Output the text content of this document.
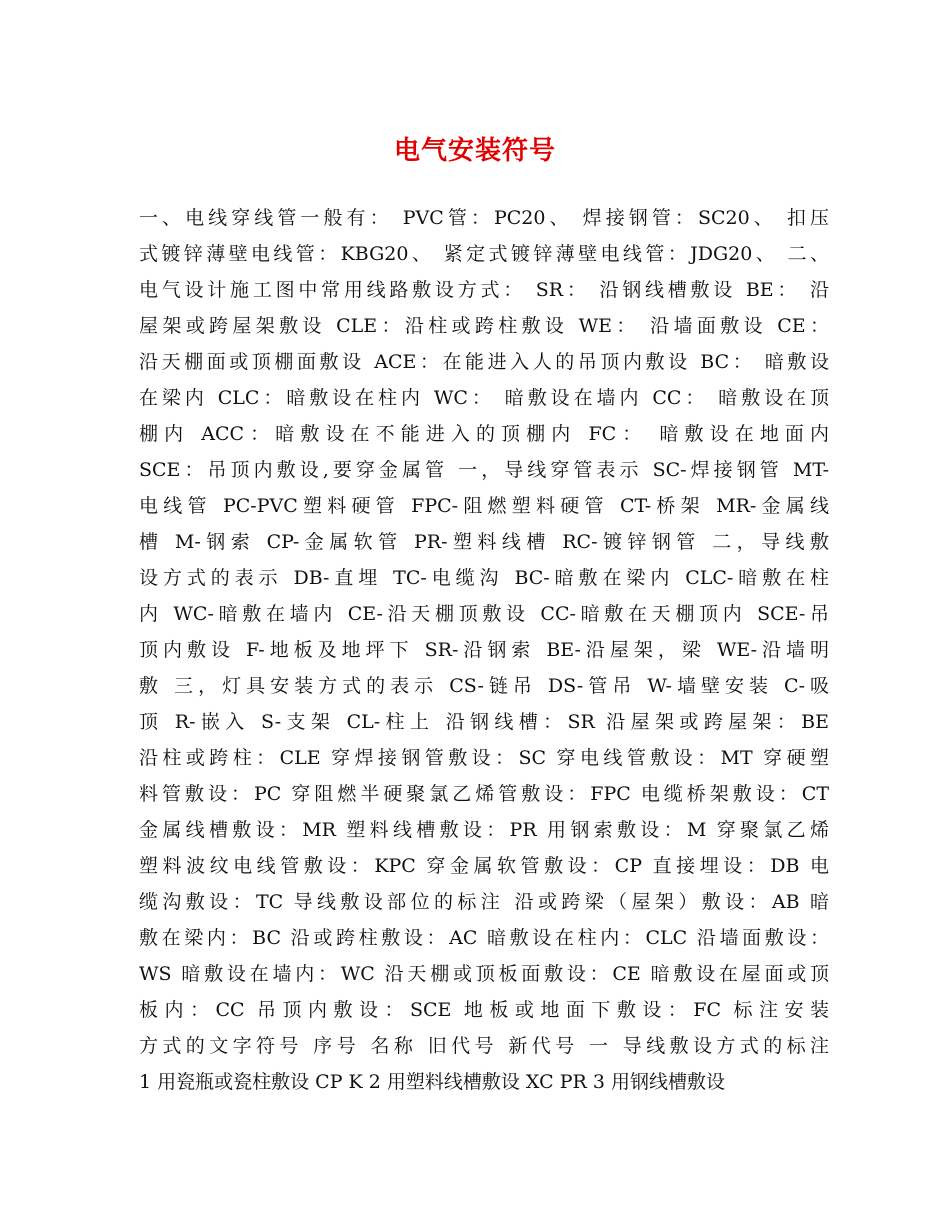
电气安装符号
一、电线穿线管一般有： PVC管：PC20、 焊接钢管：SC20、 扣压
式镀锌薄壁电线管：KBG20、 紧定式镀锌薄壁电线管：JDG20、 二、
电气设计施工图中常用线路敷设方式： SR： 沿钢线槽敷设 BE： 沿
屋架或跨屋架敷设 CLE：沿柱或跨柱敷设 WE： 沿墙面敷设 CE：
沿天棚面或顶棚面敷设 ACE：在能进入人的吊顶内敷设 BC： 暗敷设
在梁内 CLC：暗敷设在柱内 WC： 暗敷设在墙内 CC： 暗敷设在顶
棚内 ACC：暗敷设在不能进入的顶棚内 FC： 暗敷设在地面内
SCE：吊顶内敷设,要穿金属管 一，导线穿管表示 SC-焊接钢管 MT-
电线管 PC-PVC塑料硬管 FPC-阻燃塑料硬管 CT-桥架 MR-金属线
槽 M-钢索 CP-金属软管 PR-塑料线槽 RC-镀锌钢管 二，导线敷
设方式的表示 DB-直埋 TC-电缆沟 BC-暗敷在梁内 CLC-暗敷在柱
内 WC-暗敷在墙内 CE-沿天棚顶敷设 CC-暗敷在天棚顶内 SCE-吊
顶内敷设 F-地板及地坪下 SR-沿钢索 BE-沿屋架，梁 WE-沿墙明
敷 三，灯具安装方式的表示 CS-链吊 DS-管吊 W-墙壁安装 C-吸
顶 R-嵌入 S-支架 CL-柱上 沿钢线槽：SR 沿屋架或跨屋架：BE
沿柱或跨柱：CLE 穿焊接钢管敷设：SC 穿电线管敷设：MT 穿硬塑
料管敷设：PC 穿阻燃半硬聚氯乙烯管敷设：FPC 电缆桥架敷设：CT
金属线槽敷设：MR 塑料线槽敷设：PR 用钢索敷设：M 穿聚氯乙烯
塑料波纹电线管敷设：KPC 穿金属软管敷设：CP 直接埋设：DB 电
缆沟敷设：TC 导线敷设部位的标注 沿或跨梁（屋架）敷设：AB 暗
敷在梁内：BC 沿或跨柱敷设：AC 暗敷设在柱内：CLC 沿墙面敷设：
WS 暗敷设在墙内：WC 沿天棚或顶板面敷设：CE 暗敷设在屋面或顶
板内：CC 吊顶内敷设：SCE 地板或地面下敷设：FC 标注安装
方式的文字符号 序号 名称 旧代号 新代号 一 导线敷设方式的标注
1 用瓷瓶或瓷柱敷设 CP K 2 用塑料线槽敷设 XC PR 3 用钢线槽敷设
